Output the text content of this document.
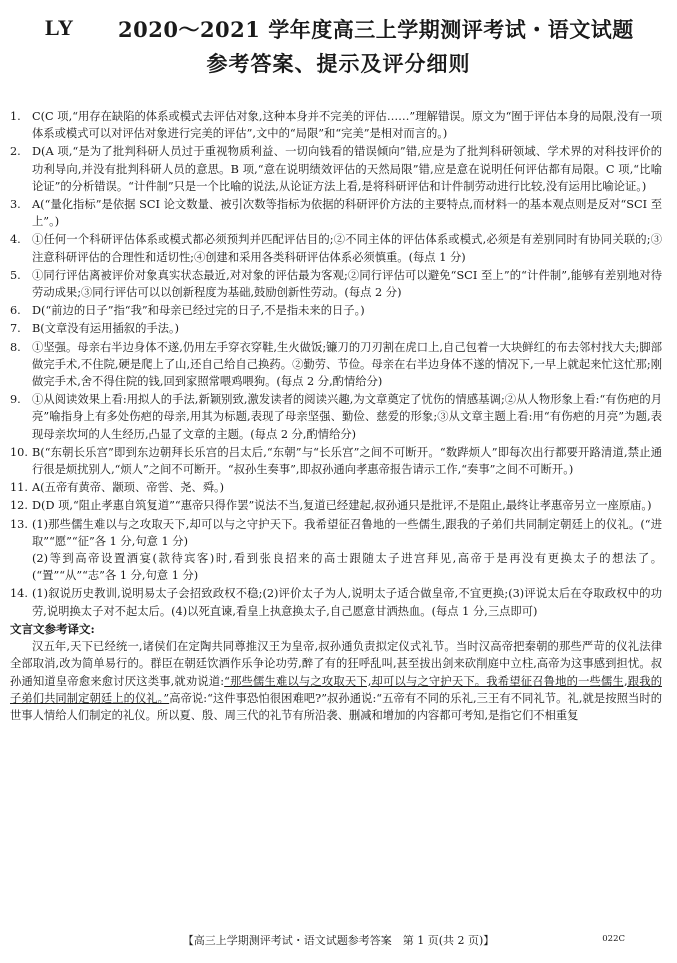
LY 2020～2021 学年度高三上学期测评考试・语文试题
参考答案、提示及评分细则
1. C(C 项,“用存在缺陷的体系或模式去评估对象,这种本身并不完美的评估……”理解错误。原文为“囿于评估本身的局限,没有一项体系或模式可以对评估对象进行完美的评估”,文中的“局限”和“完美”是相对而言的。)
2. D(A 项,“是为了批判科研人员过于重视物质利益、一切向钱看的错误倾向”错,应是为了批判科研领域、学术界的对科技评价的功利导向,并没有批判科研人员的意思。B 项,“意在说明绩效评估的天然局限”错,应是意在说明任何评估都有局限。C 项,“比喻论证”的分析错误。“计件制”只是一个比喻的说法,从论证方法上看,是将科研评估和计件制劳动进行比较,没有运用比喻论证。)
3. A(“量化指标”是依据 SCI 论文数量、被引次数等指标为依据的科研评价方法的主要特点,而材料一的基本观点则是反对“SCI 至上”。)
4. ①任何一个科研评估体系或模式都必须预判并匹配评估目的;②不同主体的评估体系或模式,必须是有差别同时有协同关联的;③注意科研评估的合理性和适切性;④创建和采用各类科研评估体系必须慎重。(每点 1 分)
5. ①同行评估离被评价对象真实状态最近,对对象的评估最为客观;②同行评估可以避免“SCI 至上”的“计件制”,能够有差别地对待劳动成果;③同行评估可以以创新程度为基础,鼓励创新性劳动。(每点 2 分)
6. D(“前边的日子”指“我”和母亲已经过完的日子,不是指未来的日子。)
7. B(文章没有运用插叙的手法。)
8. ①坚强。母亲右半边身体不遂,仍用左手穿衣穿鞋,生火做饭;镰刀的刀刃割在虎口上,自己包着一大块鲜红的布去邻村找大夫;脚部做完手术,不住院,硬是爬上了山,还自己给自己换药。②勤劳、节俭。母亲在右半边身体不遂的情况下,一早上就起来忙这忙那;刚做完手术,舍不得住院的钱,回到家照常喂鸡喂狗。(每点 2 分,酌情给分)
9. ①从阅读效果上看:用拟人的手法,新颖别致,激发读者的阅读兴趣,为文章奠定了忧伤的情感基调;②从人物形象上看:“有伤疤的月亮”喻指身上有多处伤疤的母亲,用其为标题,表现了母亲坚强、勤俭、慈爱的形象;③从文章主题上看:用“有伤疤的月亮”为题,表现母亲坎坷的人生经历,凸显了文章的主题。(每点 2 分,酌情给分)
10. B(“东朝长乐宫”即到东边朝拜长乐宫的吕太后,“东朝”与“长乐宫”之间不可断开。“数跸烦人”即每次出行都要开路清道,禁止通行很是烦扰别人,“烦人”之间不可断开。“叔孙生奏事”,即叔孙通向孝惠帝报告请示工作,“奏事”之间不可断开。)
11. A(五帝有黄帝、颛顼、帝喾、尧、舜。)
12. D(D 项,“阻止孝惠自筑复道”“惠帝只得作罢”说法不当,复道已经建起,叔孙通只是批评,不是阻止,最终让孝惠帝另立一座原庙。)
13. (1)那些儒生难以与之攻取天下,却可以与之守护天下。我希望征召鲁地的一些儒生,跟我的子弟们共同制定朝廷上的仪礼。(“进取”“愿”“征”各 1 分,句意 1 分)
(2)等到高帝设置酒宴(款待宾客)时,看到张良招来的高士跟随太子进宫拜见,高帝于是再没有更换太子的想法了。(“置”“从”“志”各 1 分,句意 1 分)
14. (1)叙说历史教训,说明易太子会招致政权不稳;(2)评价太子为人,说明太子适合做皇帝,不宜更换;(3)评说太后在夺取政权中的功劳,说明换太子对不起太后。(4)以死直谏,看皇上执意换太子,自己愿意甘洒热血。(每点 1 分,三点即可)
文言文参考译文:
汉五年,天下已经统一,诸侯们在定陶共同尊推汉王为皇帝,叔孙通负责拟定仪式礼节。当时汉高帝把秦朝的那些严苛的仪礼法律全部取消,改为简单易行的。群臣在朝廷饮酒作乐争论功劳,醉了有的狂呼乱叫,甚至拔出剑来砍削庭中立柱,高帝为这事感到担忧。叔孙通知道皇帝愈来愈讨厌这类事,就劝说道:“那些儒生难以与之攻取天下,却可以与之守护天下。我希望征召鲁地的一些儒生,跟我的子弟们共同制定朝廷上的仪礼。”高帝说:“这件事恐怕很困难吧?”叔孙通说:“五帝有不同的乐礼,三王有不同礼节。礼,就是按照当时的世事人情给人们制定的礼仪。所以夏、殷、周三代的礼节有所沿袭、删减和增加的内容都可考知,是指它们不相重复
【高三上学期测评考试・语文试题参考答案　第 1 页(共 2 页)】	022C
